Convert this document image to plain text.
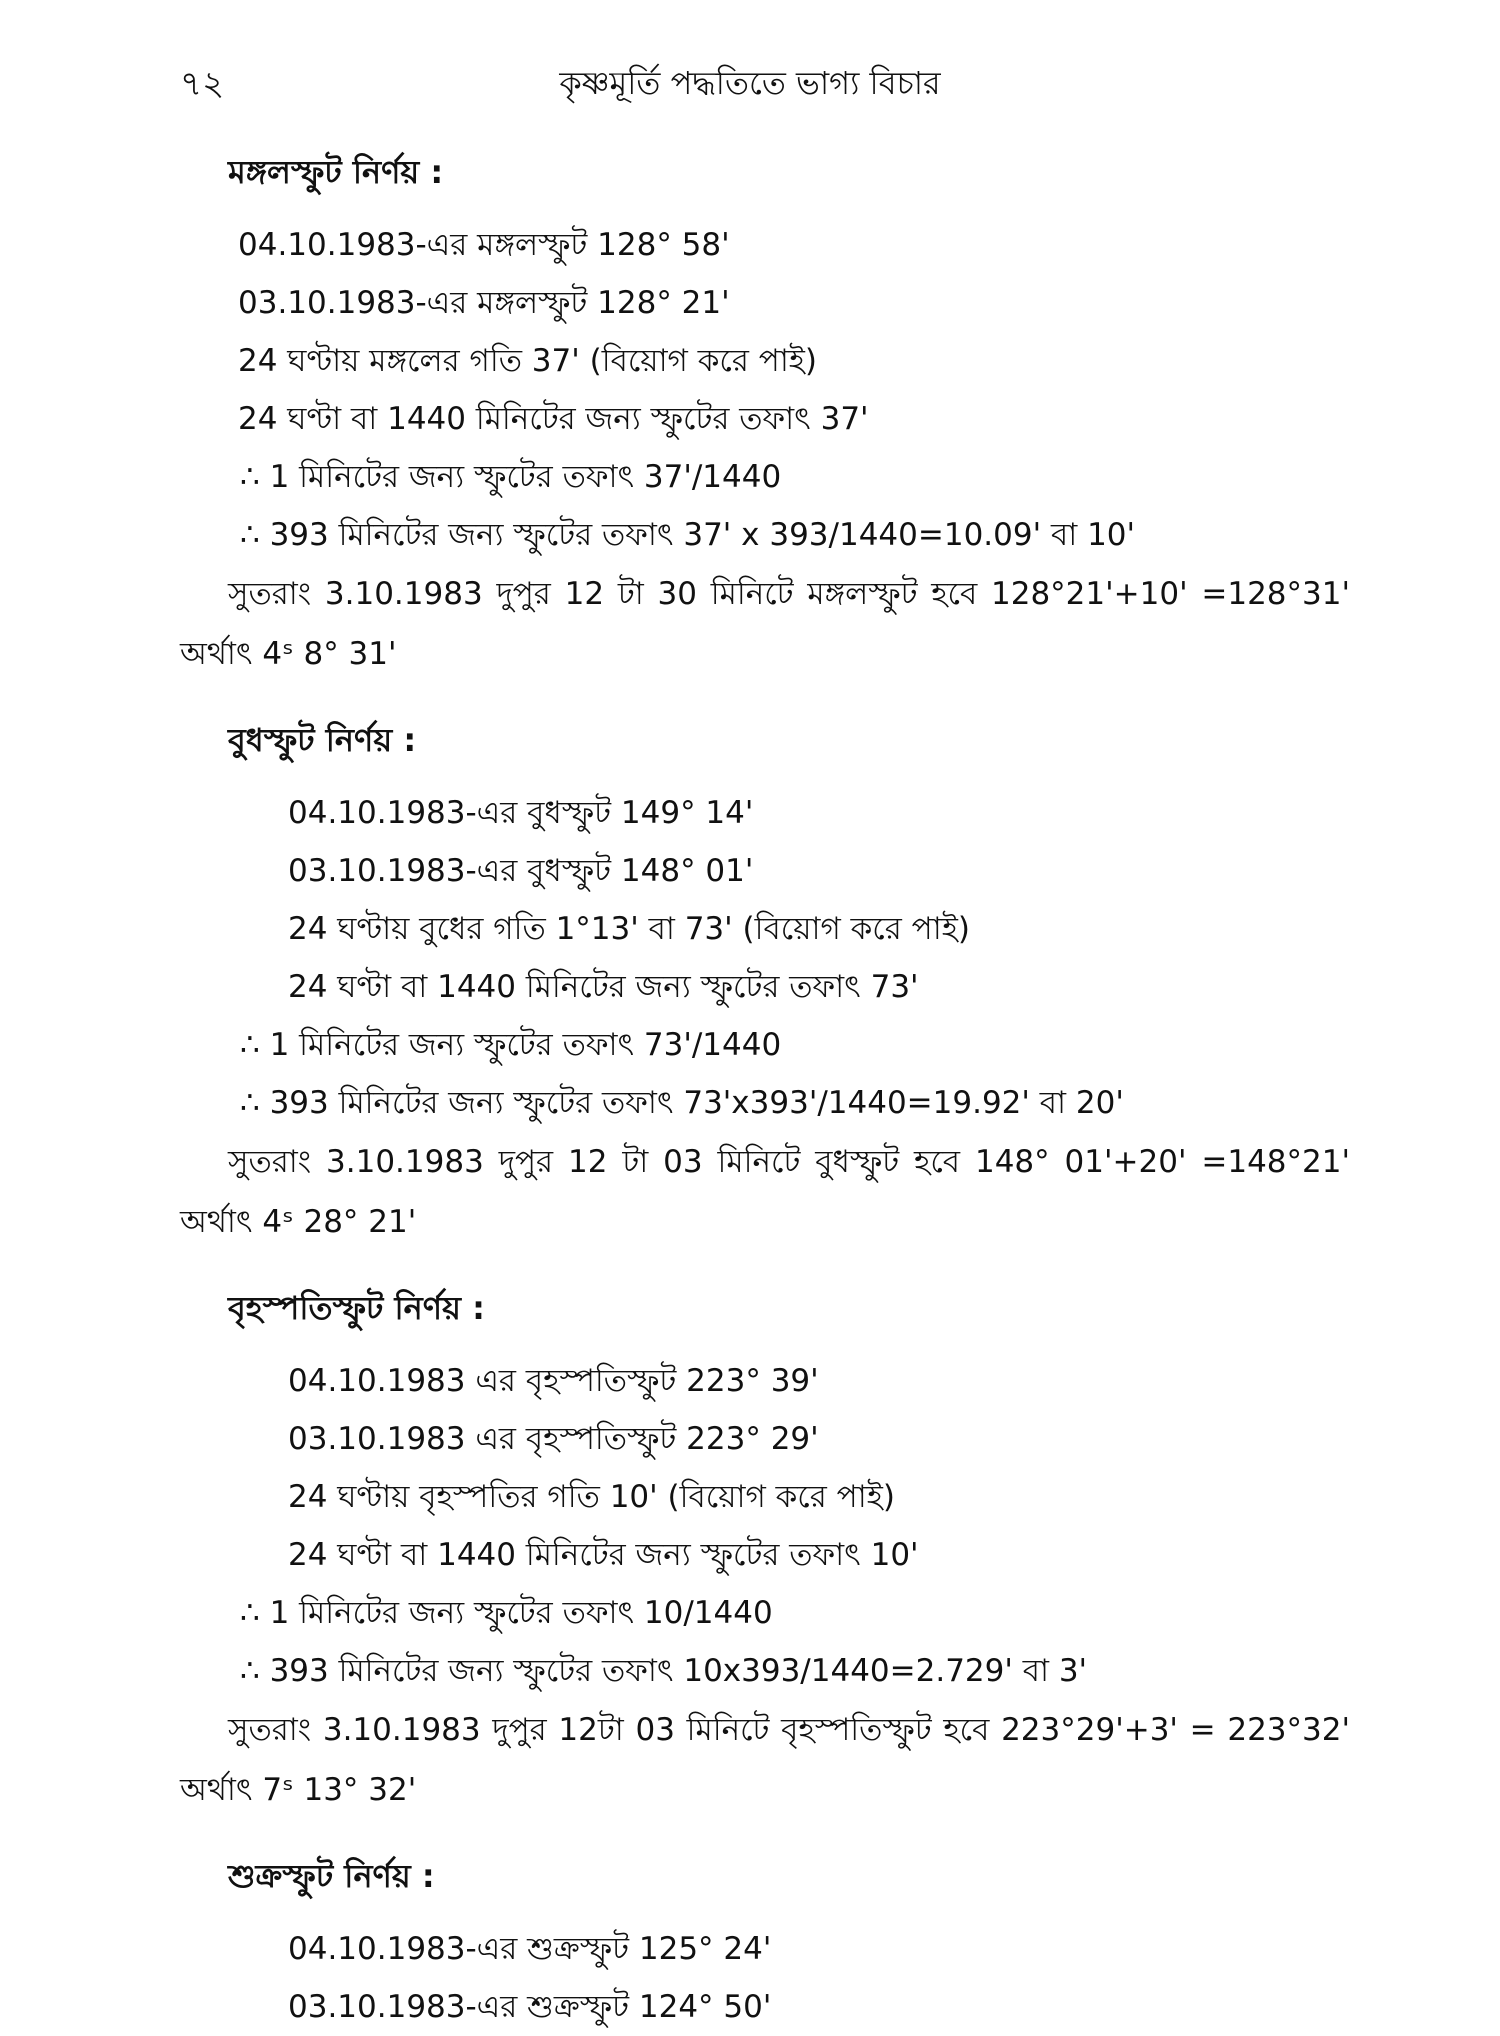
৭২	কৃষ্ণমূর্তি পদ্ধতিতে ভাগ্য বিচার
মঙ্গলস্ফুট নির্ণয় :
04.10.1983-এর মঙ্গলস্ফুট 128° 58'
03.10.1983-এর মঙ্গলস্ফুট 128° 21'
24 ঘণ্টায় মঙ্গলের গতি 37' (বিয়োগ করে পাই)
24 ঘণ্টা বা 1440 মিনিটের জন্য স্ফুটের তফাৎ 37'
∴ 1 মিনিটের জন্য স্ফুটের তফাৎ 37'/1440
∴ 393 মিনিটের জন্য স্ফুটের তফাৎ 37' x 393/1440=10.09' বা 10'

সুতরাং 3.10.1983 দুপুর 12 টা 30 মিনিটে মঙ্গলস্ফুট হবে 128°21'+10' =128°31' অর্থাৎ 4ˢ 8° 31'

বুধস্ফুট নির্ণয় :
04.10.1983-এর বুধস্ফুট 149° 14'
03.10.1983-এর বুধস্ফুট 148° 01'
24 ঘণ্টায় বুধের গতি 1°13' বা 73' (বিয়োগ করে পাই)
24 ঘণ্টা বা 1440 মিনিটের জন্য স্ফুটের তফাৎ 73'
∴ 1 মিনিটের জন্য স্ফুটের তফাৎ 73'/1440
∴ 393 মিনিটের জন্য স্ফুটের তফাৎ 73'x393'/1440=19.92' বা 20'

সুতরাং 3.10.1983 দুপুর 12 টা 03 মিনিটে বুধস্ফুট হবে 148° 01'+20' =148°21' অর্থাৎ 4ˢ 28° 21'

বৃহস্পতিস্ফুট নির্ণয় :
04.10.1983 এর বৃহস্পতিস্ফুট 223° 39'
03.10.1983 এর বৃহস্পতিস্ফুট 223° 29'
24 ঘণ্টায় বৃহস্পতির গতি 10' (বিয়োগ করে পাই)
24 ঘণ্টা বা 1440 মিনিটের জন্য স্ফুটের তফাৎ 10'
∴ 1 মিনিটের জন্য স্ফুটের তফাৎ 10/1440
∴ 393 মিনিটের জন্য স্ফুটের তফাৎ 10x393/1440=2.729' বা 3'

সুতরাং 3.10.1983 দুপুর 12টা 03 মিনিটে বৃহস্পতিস্ফুট হবে 223°29'+3' = 223°32' অর্থাৎ 7ˢ 13° 32'

শুক্রস্ফুট নির্ণয় :
04.10.1983-এর শুক্রস্ফুট 125° 24'
03.10.1983-এর শুক্রস্ফুট 124° 50'
